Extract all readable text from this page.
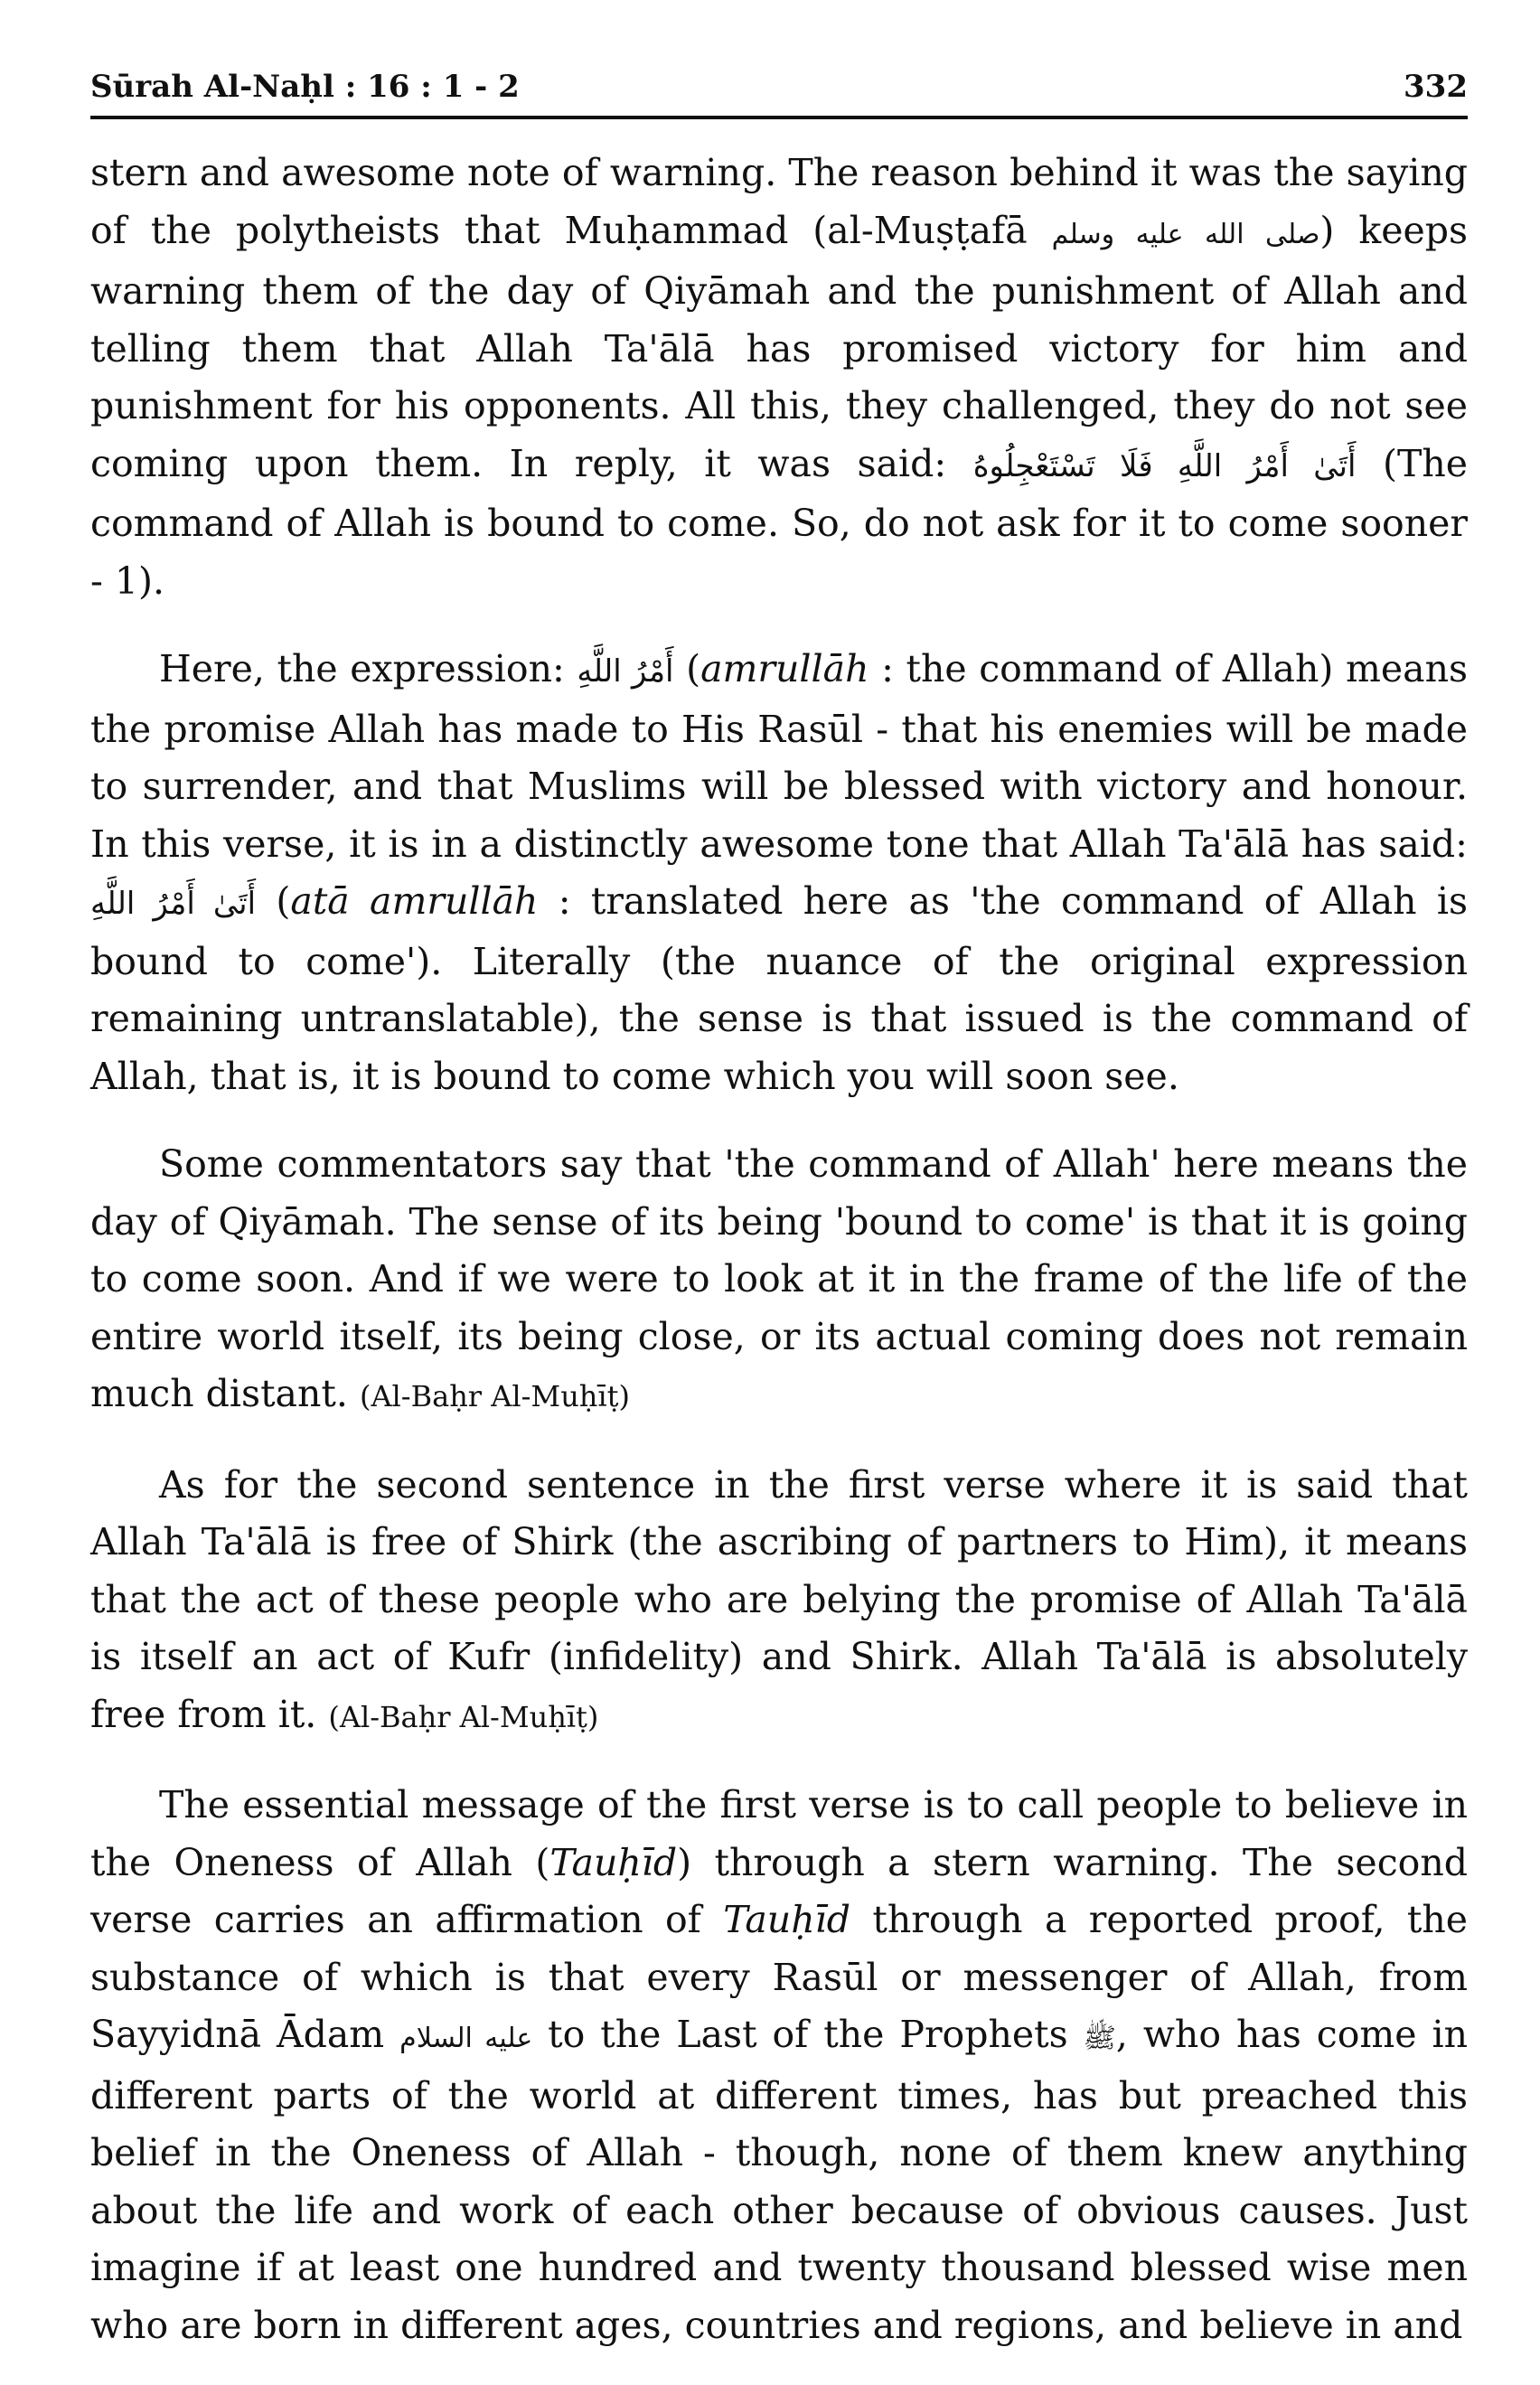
Sūrah Al-Naḥl : 16 : 1 - 2	332

stern and awesome note of warning. The reason behind it was the saying of the polytheists that Muḥammad (al-Muṣṭafā صلى الله عليه وسلم) keeps warning them of the day of Qiyāmah and the punishment of Allah and telling them that Allah Ta'ālā has promised victory for him and punishment for his opponents. All this, they challenged, they do not see coming upon them. In reply, it was said: أَتَىٰ أَمْرُ اللَّهِ فَلَا تَسْتَعْجِلُوهُ (The command of Allah is bound to come. So, do not ask for it to come sooner - 1).

Here, the expression: أَمْرُ اللَّهِ (amrullāh : the command of Allah) means the promise Allah has made to His Rasūl - that his enemies will be made to surrender, and that Muslims will be blessed with victory and honour. In this verse, it is in a distinctly awesome tone that Allah Ta'ālā has said: أَتَىٰ أَمْرُ اللَّهِ (atā amrullāh : translated here as 'the command of Allah is bound to come'). Literally (the nuance of the original expression remaining untranslatable), the sense is that issued is the command of Allah, that is, it is bound to come which you will soon see.

Some commentators say that 'the command of Allah' here means the day of Qiyāmah. The sense of its being 'bound to come' is that it is going to come soon. And if we were to look at it in the frame of the life of the entire world itself, its being close, or its actual coming does not remain much distant. (Al-Baḥr Al-Muḥīṭ)

As for the second sentence in the first verse where it is said that Allah Ta'ālā is free of Shirk (the ascribing of partners to Him), it means that the act of these people who are belying the promise of Allah Ta'ālā is itself an act of Kufr (infidelity) and Shirk. Allah Ta'ālā is absolutely free from it. (Al-Baḥr Al-Muḥīṭ)

The essential message of the first verse is to call people to believe in the Oneness of Allah (Tauḥīd) through a stern warning. The second verse carries an affirmation of Tauḥīd through a reported proof, the substance of which is that every Rasūl or messenger of Allah, from Sayyidnā Ādam عليه السلام to the Last of the Prophets ﷺ, who has come in different parts of the world at different times, has but preached this belief in the Oneness of Allah - though, none of them knew anything about the life and work of each other because of obvious causes. Just imagine if at least one hundred and twenty thousand blessed wise men who are born in different ages, countries and regions, and believe in and
